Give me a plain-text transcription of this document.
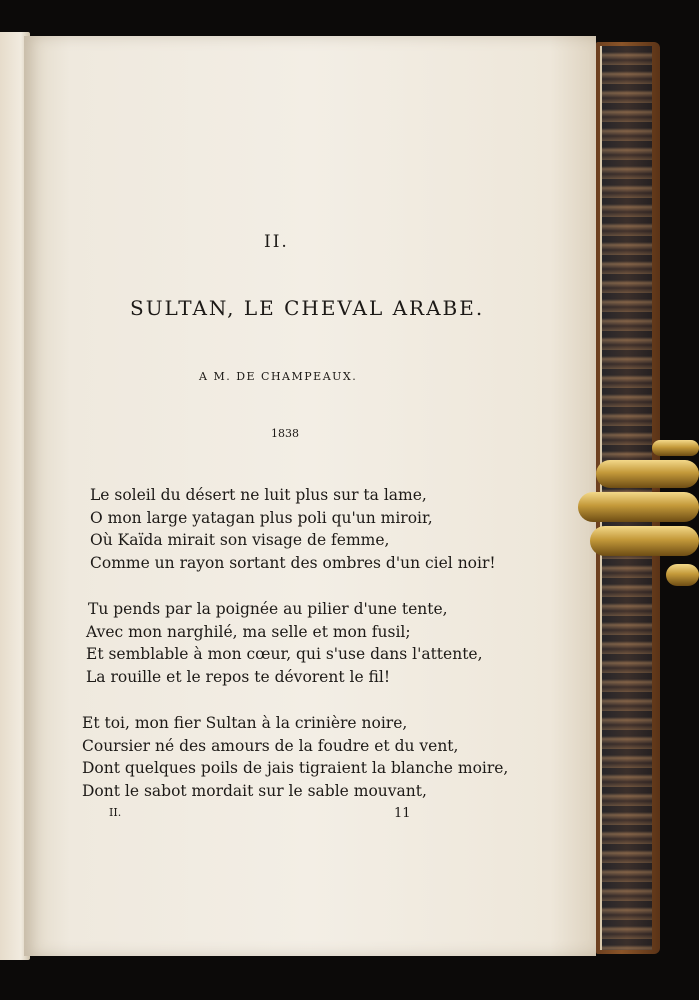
II.
SULTAN, LE CHEVAL ARABE.
A M. DE CHAMPEAUX.
1838
Le soleil du désert ne luit plus sur ta lame,
O mon large yatagan plus poli qu'un miroir,
Où Kaïda mirait son visage de femme,
Comme un rayon sortant des ombres d'un ciel noir!
Tu pends par la poignée au pilier d'une tente,
Avec mon narghilé, ma selle et mon fusil;
Et semblable à mon cœur, qui s'use dans l'attente,
La rouille et le repos te dévorent le fil!
Et toi, mon fier Sultan à la crinière noire,
Coursier né des amours de la foudre et du vent,
Dont quelques poils de jais tigraient la blanche moire,
Dont le sabot mordait sur le sable mouvant,
II.	11
